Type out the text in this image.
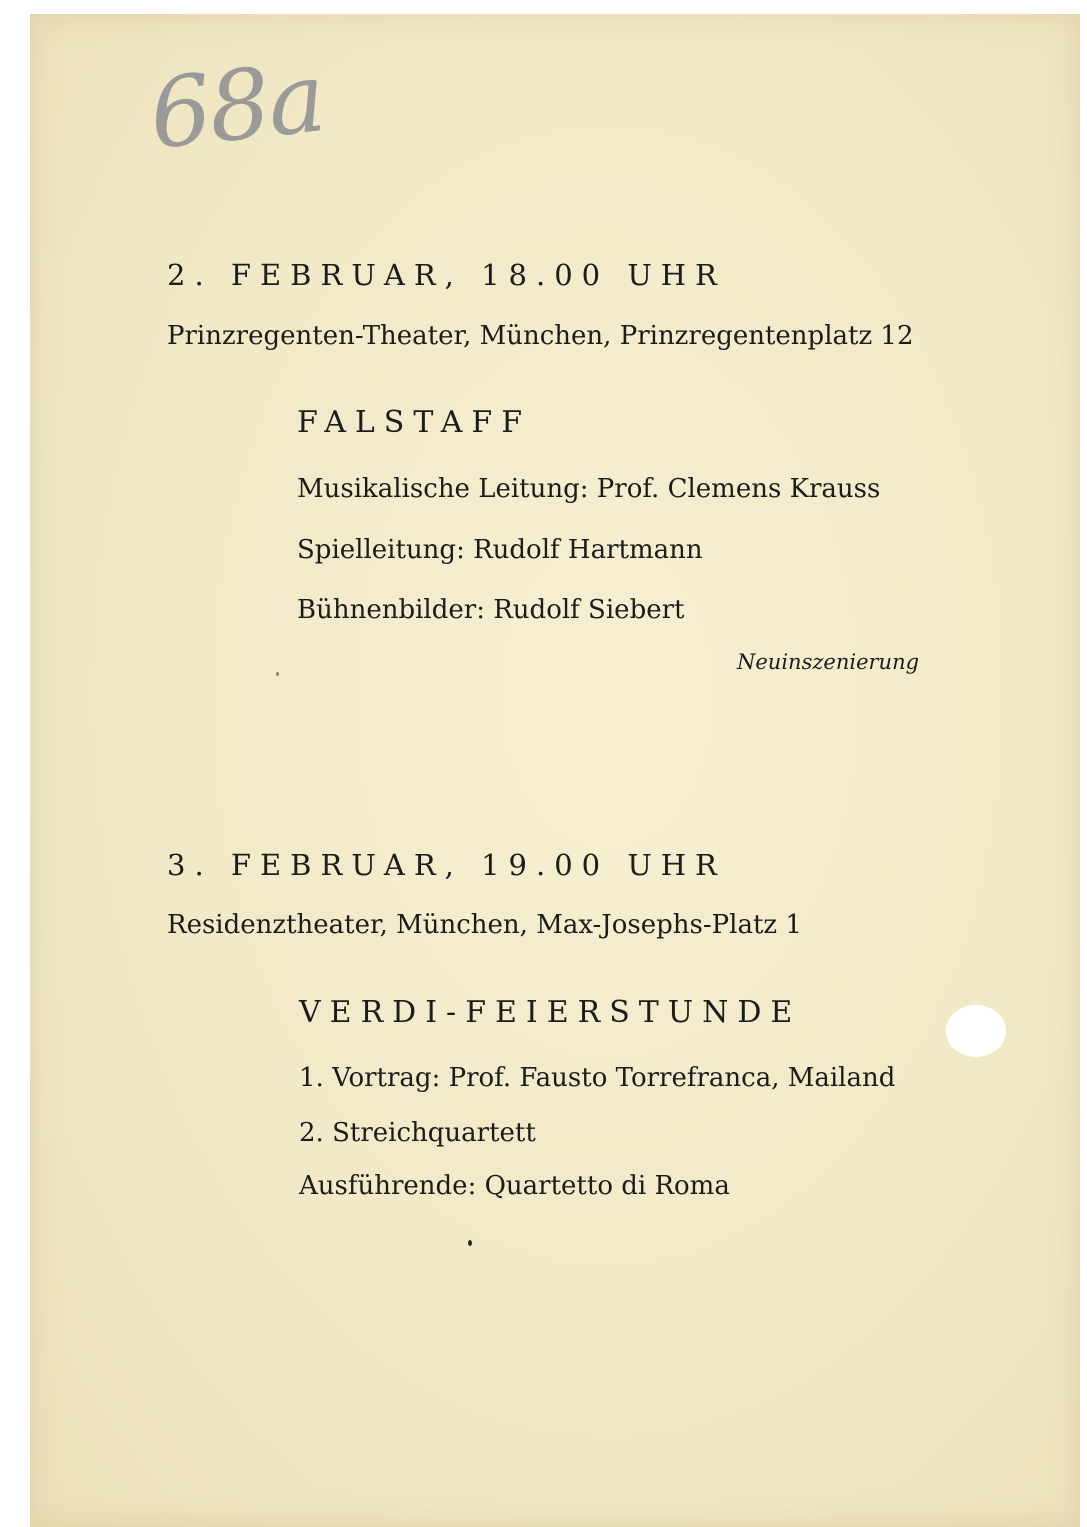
68a
2. FEBRUAR, 18.00 UHR
Prinzregenten-Theater, München, Prinzregentenplatz 12
FALSTAFF
Musikalische Leitung: Prof. Clemens Krauss
Spielleitung: Rudolf Hartmann
Bühnenbilder: Rudolf Siebert
Neuinszenierung
3. FEBRUAR, 19.00 UHR
Residenztheater, München, Max-Josephs-Platz 1
VERDI-FEIERSTUNDE
1. Vortrag: Prof. Fausto Torrefranca, Mailand
2. Streichquartett
Ausführende: Quartetto di Roma
